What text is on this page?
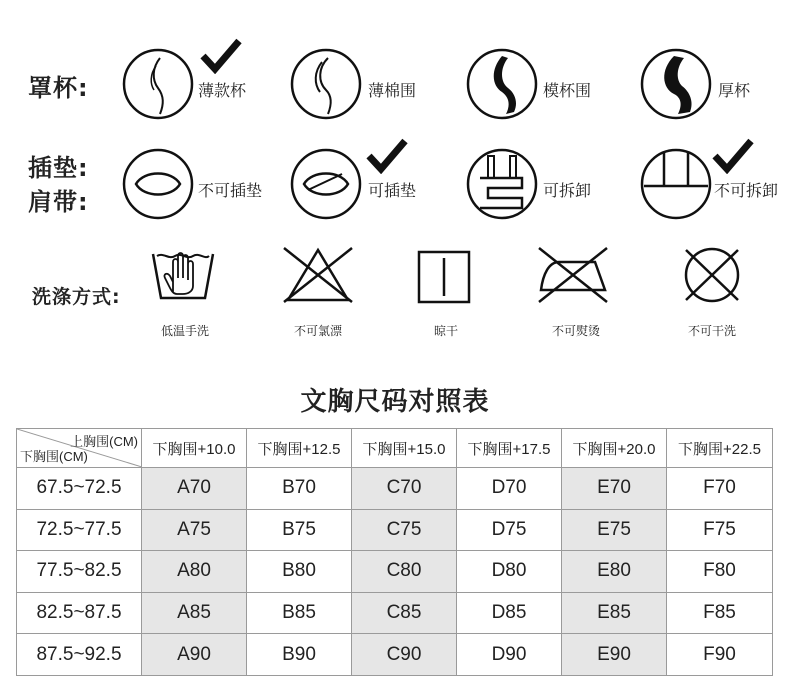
罩杯:
插垫:
肩带:
洗涤方式:
薄款杯	薄棉围	模杯围	厚杯
不可插垫	可插垫	可拆卸	不可拆卸
低温手洗	不可氯漂	晾干	不可熨烫	不可干洗
文胸尺码对照表
上胸围(CM)
下胸围(CM)	下胸围+10.0	下胸围+12.5	下胸围+15.0	下胸围+17.5	下胸围+20.0	下胸围+22.5
67.5~72.5	A70	B70	C70	D70	E70	F70
72.5~77.5	A75	B75	C75	D75	E75	F75
77.5~82.5	A80	B80	C80	D80	E80	F80
82.5~87.5	A85	B85	C85	D85	E85	F85
87.5~92.5	A90	B90	C90	D90	E90	F90
